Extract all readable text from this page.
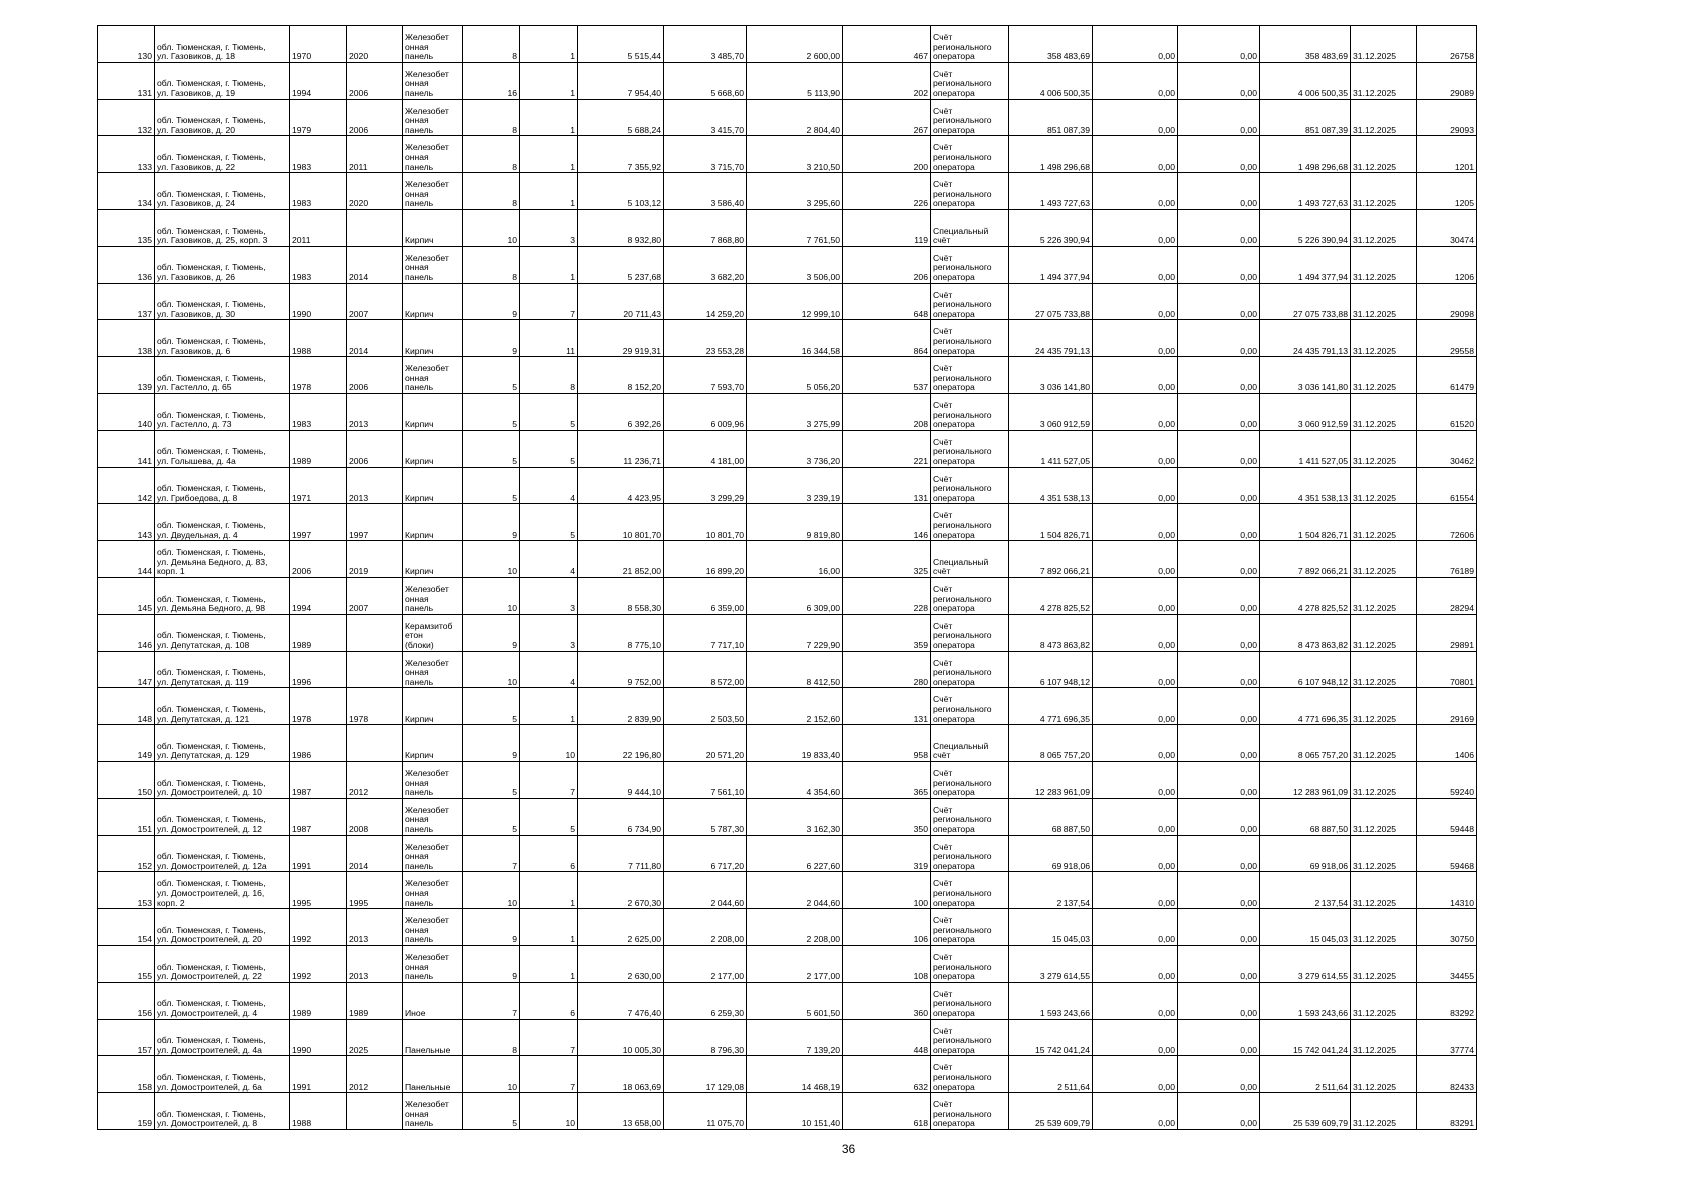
130	обл. Тюменская, г. Тюмень,
ул. Газовиков, д. 18	1970	2020	Железобет
онная
панель	8	1	5 515,44	3 485,70	2 600,00	467	Счёт
регионального
оператора	358 483,69	0,00	0,00	358 483,69	31.12.2025	26758
131	обл. Тюменская, г. Тюмень,
ул. Газовиков, д. 19	1994	2006	Железобет
онная
панель	16	1	7 954,40	5 668,60	5 113,90	202	Счёт
регионального
оператора	4 006 500,35	0,00	0,00	4 006 500,35	31.12.2025	29089
132	обл. Тюменская, г. Тюмень,
ул. Газовиков, д. 20	1979	2006	Железобет
онная
панель	8	1	5 688,24	3 415,70	2 804,40	267	Счёт
регионального
оператора	851 087,39	0,00	0,00	851 087,39	31.12.2025	29093
133	обл. Тюменская, г. Тюмень,
ул. Газовиков, д. 22	1983	2011	Железобет
онная
панель	8	1	7 355,92	3 715,70	3 210,50	200	Счёт
регионального
оператора	1 498 296,68	0,00	0,00	1 498 296,68	31.12.2025	1201
134	обл. Тюменская, г. Тюмень,
ул. Газовиков, д. 24	1983	2020	Железобет
онная
панель	8	1	5 103,12	3 586,40	3 295,60	226	Счёт
регионального
оператора	1 493 727,63	0,00	0,00	1 493 727,63	31.12.2025	1205
135	обл. Тюменская, г. Тюмень,
ул. Газовиков, д. 25, корп. 3	2011		Кирпич	10	3	8 932,80	7 868,80	7 761,50	119	Специальный
счёт	5 226 390,94	0,00	0,00	5 226 390,94	31.12.2025	30474
136	обл. Тюменская, г. Тюмень,
ул. Газовиков, д. 26	1983	2014	Железобет
онная
панель	8	1	5 237,68	3 682,20	3 506,00	206	Счёт
регионального
оператора	1 494 377,94	0,00	0,00	1 494 377,94	31.12.2025	1206
137	обл. Тюменская, г. Тюмень,
ул. Газовиков, д. 30	1990	2007	Кирпич	9	7	20 711,43	14 259,20	12 999,10	648	Счёт
регионального
оператора	27 075 733,88	0,00	0,00	27 075 733,88	31.12.2025	29098
138	обл. Тюменская, г. Тюмень,
ул. Газовиков, д. 6	1988	2014	Кирпич	9	11	29 919,31	23 553,28	16 344,58	864	Счёт
регионального
оператора	24 435 791,13	0,00	0,00	24 435 791,13	31.12.2025	29558
139	обл. Тюменская, г. Тюмень,
ул. Гастелло, д. 65	1978	2006	Железобет
онная
панель	5	8	8 152,20	7 593,70	5 056,20	537	Счёт
регионального
оператора	3 036 141,80	0,00	0,00	3 036 141,80	31.12.2025	61479
140	обл. Тюменская, г. Тюмень,
ул. Гастелло, д. 73	1983	2013	Кирпич	5	5	6 392,26	6 009,96	3 275,99	208	Счёт
регионального
оператора	3 060 912,59	0,00	0,00	3 060 912,59	31.12.2025	61520
141	обл. Тюменская, г. Тюмень,
ул. Голышева, д. 4а	1989	2006	Кирпич	5	5	11 236,71	4 181,00	3 736,20	221	Счёт
регионального
оператора	1 411 527,05	0,00	0,00	1 411 527,05	31.12.2025	30462
142	обл. Тюменская, г. Тюмень,
ул. Грибоедова, д. 8	1971	2013	Кирпич	5	4	4 423,95	3 299,29	3 239,19	131	Счёт
регионального
оператора	4 351 538,13	0,00	0,00	4 351 538,13	31.12.2025	61554
143	обл. Тюменская, г. Тюмень,
ул. Двудельная, д. 4	1997	1997	Кирпич	9	5	10 801,70	10 801,70	9 819,80	146	Счёт
регионального
оператора	1 504 826,71	0,00	0,00	1 504 826,71	31.12.2025	72606
144	обл. Тюменская, г. Тюмень,
ул. Демьяна Бедного, д. 83,
корп. 1	2006	2019	Кирпич	10	4	21 852,00	16 899,20	16,00	325	Специальный
счёт	7 892 066,21	0,00	0,00	7 892 066,21	31.12.2025	76189
145	обл. Тюменская, г. Тюмень,
ул. Демьяна Бедного, д. 98	1994	2007	Железобет
онная
панель	10	3	8 558,30	6 359,00	6 309,00	228	Счёт
регионального
оператора	4 278 825,52	0,00	0,00	4 278 825,52	31.12.2025	28294
146	обл. Тюменская, г. Тюмень,
ул. Депутатская, д. 108	1989		Керамзитоб
етон
(блоки)	9	3	8 775,10	7 717,10	7 229,90	359	Счёт
регионального
оператора	8 473 863,82	0,00	0,00	8 473 863,82	31.12.2025	29891
147	обл. Тюменская, г. Тюмень,
ул. Депутатская, д. 119	1996		Железобет
онная
панель	10	4	9 752,00	8 572,00	8 412,50	280	Счёт
регионального
оператора	6 107 948,12	0,00	0,00	6 107 948,12	31.12.2025	70801
148	обл. Тюменская, г. Тюмень,
ул. Депутатская, д. 121	1978	1978	Кирпич	5	1	2 839,90	2 503,50	2 152,60	131	Счёт
регионального
оператора	4 771 696,35	0,00	0,00	4 771 696,35	31.12.2025	29169
149	обл. Тюменская, г. Тюмень,
ул. Депутатская, д. 129	1986		Кирпич	9	10	22 196,80	20 571,20	19 833,40	958	Специальный
счёт	8 065 757,20	0,00	0,00	8 065 757,20	31.12.2025	1406
150	обл. Тюменская, г. Тюмень,
ул. Домостроителей, д. 10	1987	2012	Железобет
онная
панель	5	7	9 444,10	7 561,10	4 354,60	365	Счёт
регионального
оператора	12 283 961,09	0,00	0,00	12 283 961,09	31.12.2025	59240
151	обл. Тюменская, г. Тюмень,
ул. Домостроителей, д. 12	1987	2008	Железобет
онная
панель	5	5	6 734,90	5 787,30	3 162,30	350	Счёт
регионального
оператора	68 887,50	0,00	0,00	68 887,50	31.12.2025	59448
152	обл. Тюменская, г. Тюмень,
ул. Домостроителей, д. 12а	1991	2014	Железобет
онная
панель	7	6	7 711,80	6 717,20	6 227,60	319	Счёт
регионального
оператора	69 918,06	0,00	0,00	69 918,06	31.12.2025	59468
153	обл. Тюменская, г. Тюмень,
ул. Домостроителей, д. 16,
корп. 2	1995	1995	Железобет
онная
панель	10	1	2 670,30	2 044,60	2 044,60	100	Счёт
регионального
оператора	2 137,54	0,00	0,00	2 137,54	31.12.2025	14310
154	обл. Тюменская, г. Тюмень,
ул. Домостроителей, д. 20	1992	2013	Железобет
онная
панель	9	1	2 625,00	2 208,00	2 208,00	106	Счёт
регионального
оператора	15 045,03	0,00	0,00	15 045,03	31.12.2025	30750
155	обл. Тюменская, г. Тюмень,
ул. Домостроителей, д. 22	1992	2013	Железобет
онная
панель	9	1	2 630,00	2 177,00	2 177,00	108	Счёт
регионального
оператора	3 279 614,55	0,00	0,00	3 279 614,55	31.12.2025	34455
156	обл. Тюменская, г. Тюмень,
ул. Домостроителей, д. 4	1989	1989	Иное	7	6	7 476,40	6 259,30	5 601,50	360	Счёт
регионального
оператора	1 593 243,66	0,00	0,00	1 593 243,66	31.12.2025	83292
157	обл. Тюменская, г. Тюмень,
ул. Домостроителей, д. 4а	1990	2025	Панельные	8	7	10 005,30	8 796,30	7 139,20	448	Счёт
регионального
оператора	15 742 041,24	0,00	0,00	15 742 041,24	31.12.2025	37774
158	обл. Тюменская, г. Тюмень,
ул. Домостроителей, д. 6а	1991	2012	Панельные	10	7	18 063,69	17 129,08	14 468,19	632	Счёт
регионального
оператора	2 511,64	0,00	0,00	2 511,64	31.12.2025	82433
159	обл. Тюменская, г. Тюмень,
ул. Домостроителей, д. 8	1988		Железобет
онная
панель	5	10	13 658,00	11 075,70	10 151,40	618	Счёт
регионального
оператора	25 539 609,79	0,00	0,00	25 539 609,79	31.12.2025	83291
36
